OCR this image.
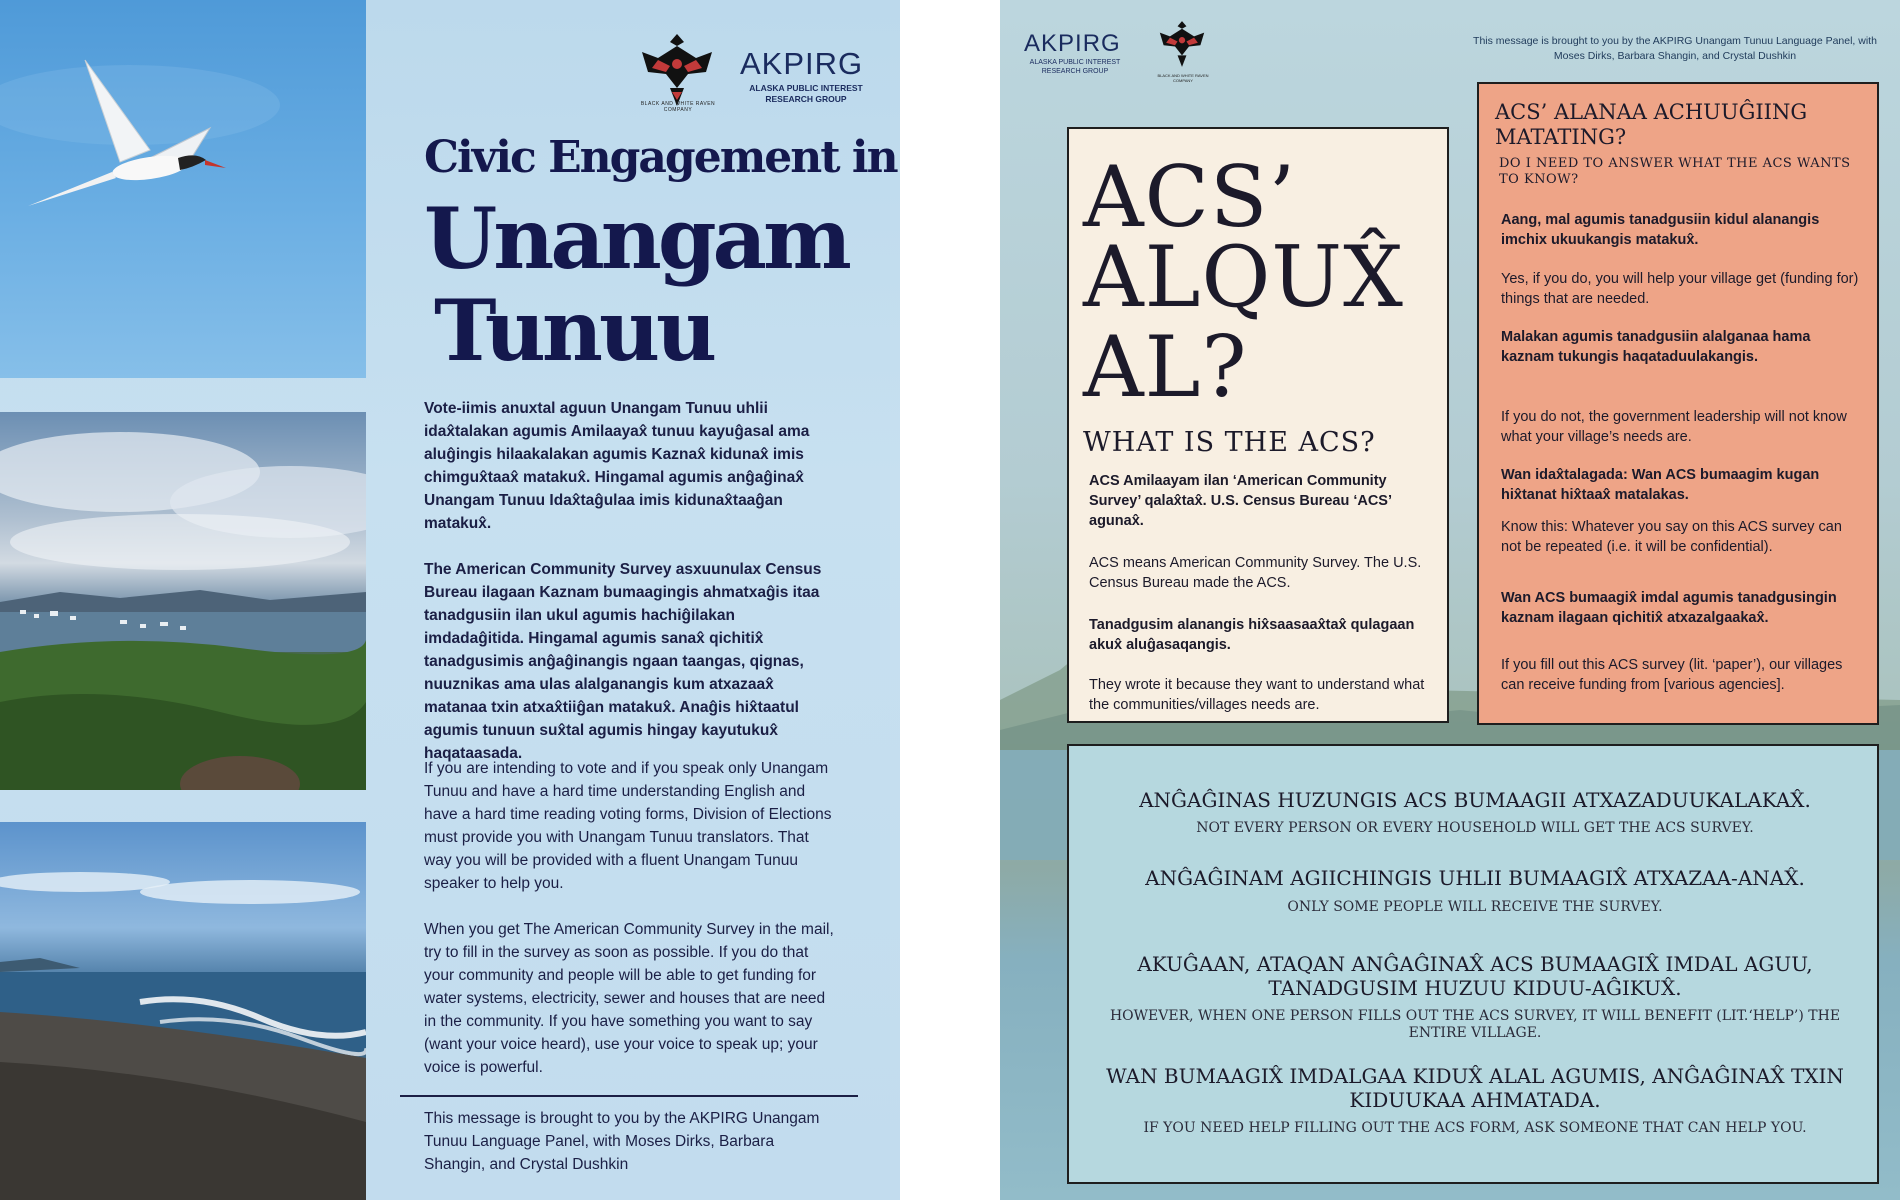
BLACK AND WHITE RAVEN COMPANY
AKPIRG
ALASKA PUBLIC INTEREST RESEARCH GROUP
Civic Engagement in
Unangam
Tunuu

Vote-iimis anuxtal aguun Unangam Tunuu uhlii idax̂talakan agumis Amilaayax̂ tunuu kayuĝasal ama aluĝingis hilaakalakan agumis Kaznax̂ kidunax̂ imis chimgux̂taax̂ matakux̂. Hingamal agumis anĝaĝinax̂ Unangam Tunuu Idax̂taĝulaa imis kidunax̂taaĝan matakux̂.

The American Community Survey asxuunulax Census Bureau ilagaan Kaznam bumaagingis ahmatxaĝis itaa tanadgusiin ilan ukul agumis hachiĝilakan imdadaĝitida. Hingamal agumis sanax̂ qichitix̂ tanadgusimis anĝaĝinangis ngaan taangas, qignas, nuuznikas ama ulas alalganangis kum atxazaax̂ matanaa txin atxax̂tiiĝan matakux̂. Anaĝis hix̂taatul agumis tunuun sux̂tal agumis hingay kayutukux̂ haqataasada.

If you are intending to vote and if you speak only Unangam Tunuu and have a hard time understanding English and have a hard time reading voting forms, Division of Elections must provide you with Unangam Tunuu translators. That way you will be provided with a fluent Unangam Tunuu speaker to help you.

When you get The American Community Survey in the mail, try to fill in the survey as soon as possible. If you do that your community and people will be able to get funding for water systems, electricity, sewer and houses that are need in the community. If you have something you want to say (want your voice heard), use your voice to speak up; your voice is powerful.

This message is brought to you by the AKPIRG Unangam Tunuu Language Panel, with Moses Dirks, Barbara Shangin, and Crystal Dushkin

AKPIRG
ALASKA PUBLIC INTEREST RESEARCH GROUP
BLACK AND WHITE RAVEN COMPANY
This message is brought to you by the AKPIRG Unangam Tunuu Language Panel, with Moses Dirks, Barbara Shangin, and Crystal Dushkin
ACS’
ALQUX̂
AL?
WHAT IS THE ACS?

ACS Amilaayam ilan ‘American Community Survey’ qalax̂tax̂. U.S. Census Bureau ‘ACS’ agunax̂.

ACS means American Community Survey. The U.S. Census Bureau made the ACS.

Tanadgusim alanangis hix̂saasaax̂tax̂ qulagaan akux̂ aluĝasaqangis.

They wrote it because they want to understand what the communities/villages needs are.

ACS’ ALANAA ACHUUĜIING MATATING?
DO I NEED TO ANSWER WHAT THE ACS WANTS TO KNOW?

Aang, mal agumis tanadgusiin kidul alanangis imchix ukuukangis matakux̂.

Yes, if you do, you will help your village get (funding for) things that are needed.

Malakan agumis tanadgusiin alalganaa hama kaznam tukungis haqataduulakangis.

If you do not, the government leadership will not know what your village’s needs are.

Wan idax̂talagada: Wan ACS bumaagim kugan hix̂tanat hix̂taax̂ matalakas.

Know this: Whatever you say on this ACS survey can not be repeated (i.e. it will be confidential).

Wan ACS bumaagix̂ imdal agumis tanadgusingin kaznam ilagaan qichitix̂ atxazalgaakax̂.

If you fill out this ACS survey (lit. ‘paper’), our villages can receive funding from [various agencies].

ANĜAĜINAS HUZUNGIS ACS BUMAAGII ATXAZADUUKALAKAX̂.

NOT EVERY PERSON OR EVERY HOUSEHOLD WILL GET THE ACS SURVEY.

ANĜAĜINAM AGIICHINGIS UHLII BUMAAGIX̂ ATXAZAA-ANAX̂.

ONLY SOME PEOPLE WILL RECEIVE THE SURVEY.

AKUĜAAN, ATAQAN ANĜAĜINAX̂ ACS BUMAAGIX̂ IMDAL AGUU, TANADGUSIM HUZUU KIDUU-AĜIKUX̂.

HOWEVER, WHEN ONE PERSON FILLS OUT THE ACS SURVEY, IT WILL BENEFIT (LIT.‘HELP’) THE ENTIRE VILLAGE.

WAN BUMAAGIX̂ IMDALGAA KIDUX̂ ALAL AGUMIS, ANĜAĜINAX̂ TXIN KIDUUKAA AHMATADA.

IF YOU NEED HELP FILLING OUT THE ACS FORM, ASK SOMEONE THAT CAN HELP YOU.
